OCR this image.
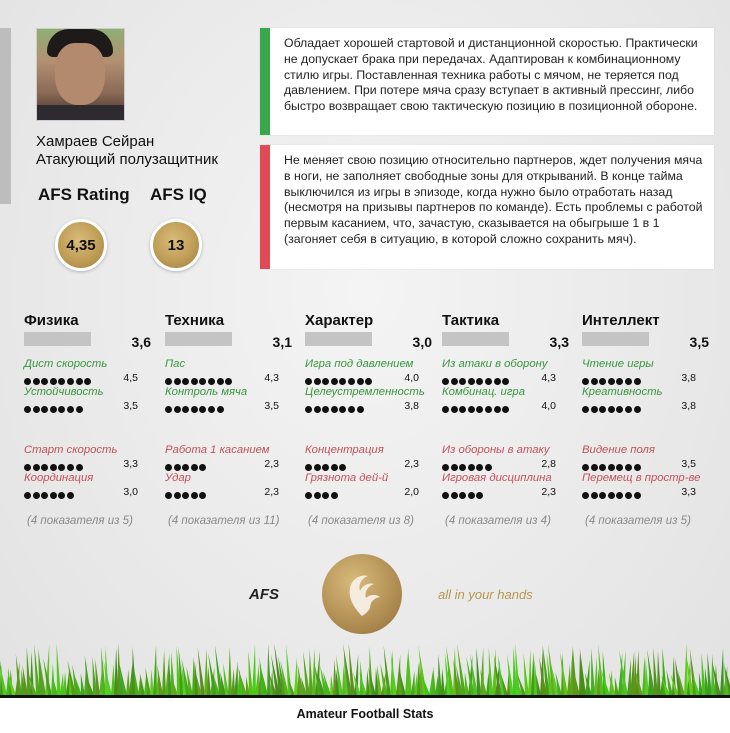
Хамраев Сейран
Атакующий полузащитник
AFS Rating AFS IQ
4,35	13

Обладает хорошей стартовой и дистанционной скоростью. Практически не допускает брака при передачах. Адаптирован к комбинационному стилю игры. Поставленная техника работы с мячом, не теряется под давлением. При потере мяча сразу вступает в активный прессинг, либо быстро возвращает свою тактическую позицию в позиционной обороне.

Не меняет свою позицию относительно партнеров, ждет получения мяча в ноги, не заполняет свободные зоны для открываний. В конце тайма выключился из игры в эпизоде, когда нужно было отработать назад (несмотря на призывы партнеров по команде). Есть проблемы с работой первым касанием, что, зачастую, сказывается на обыгрыше 1 в 1 (загоняет себя в ситуацию, в которой сложно сохранить мяч).

Физика
3,6
Дист скорость
4,5
Устойчивость
3,5
Старт скорость
3,3
Координация
3,0
(4 показателя из 5)
Техника
3,1
Пас
4,3
Контроль мяча
3,5
Работа 1 касанием
2,3
Удар
2,3
(4 показателя из 11)
Характер
3,0
Игра под давлением
4,0
Целеустремленность
3,8
Концентрация
2,3
Грязнота дей-й
2,0
(4 показателя из 8)
Тактика
3,3
Из атаки в оборону
4,3
Комбинац. игра
4,0
Из обороны в атаку
2,8
Игровая дисциплина
2,3
(4 показателя из 4)
Интеллект
3,5
Чтение игры
3,8
Креативность
3,8
Видение поля
3,5
Перемещ в простр-ве
3,3
(4 показателя из 5)
AFS	all in your hands
Amateur Football Stats
